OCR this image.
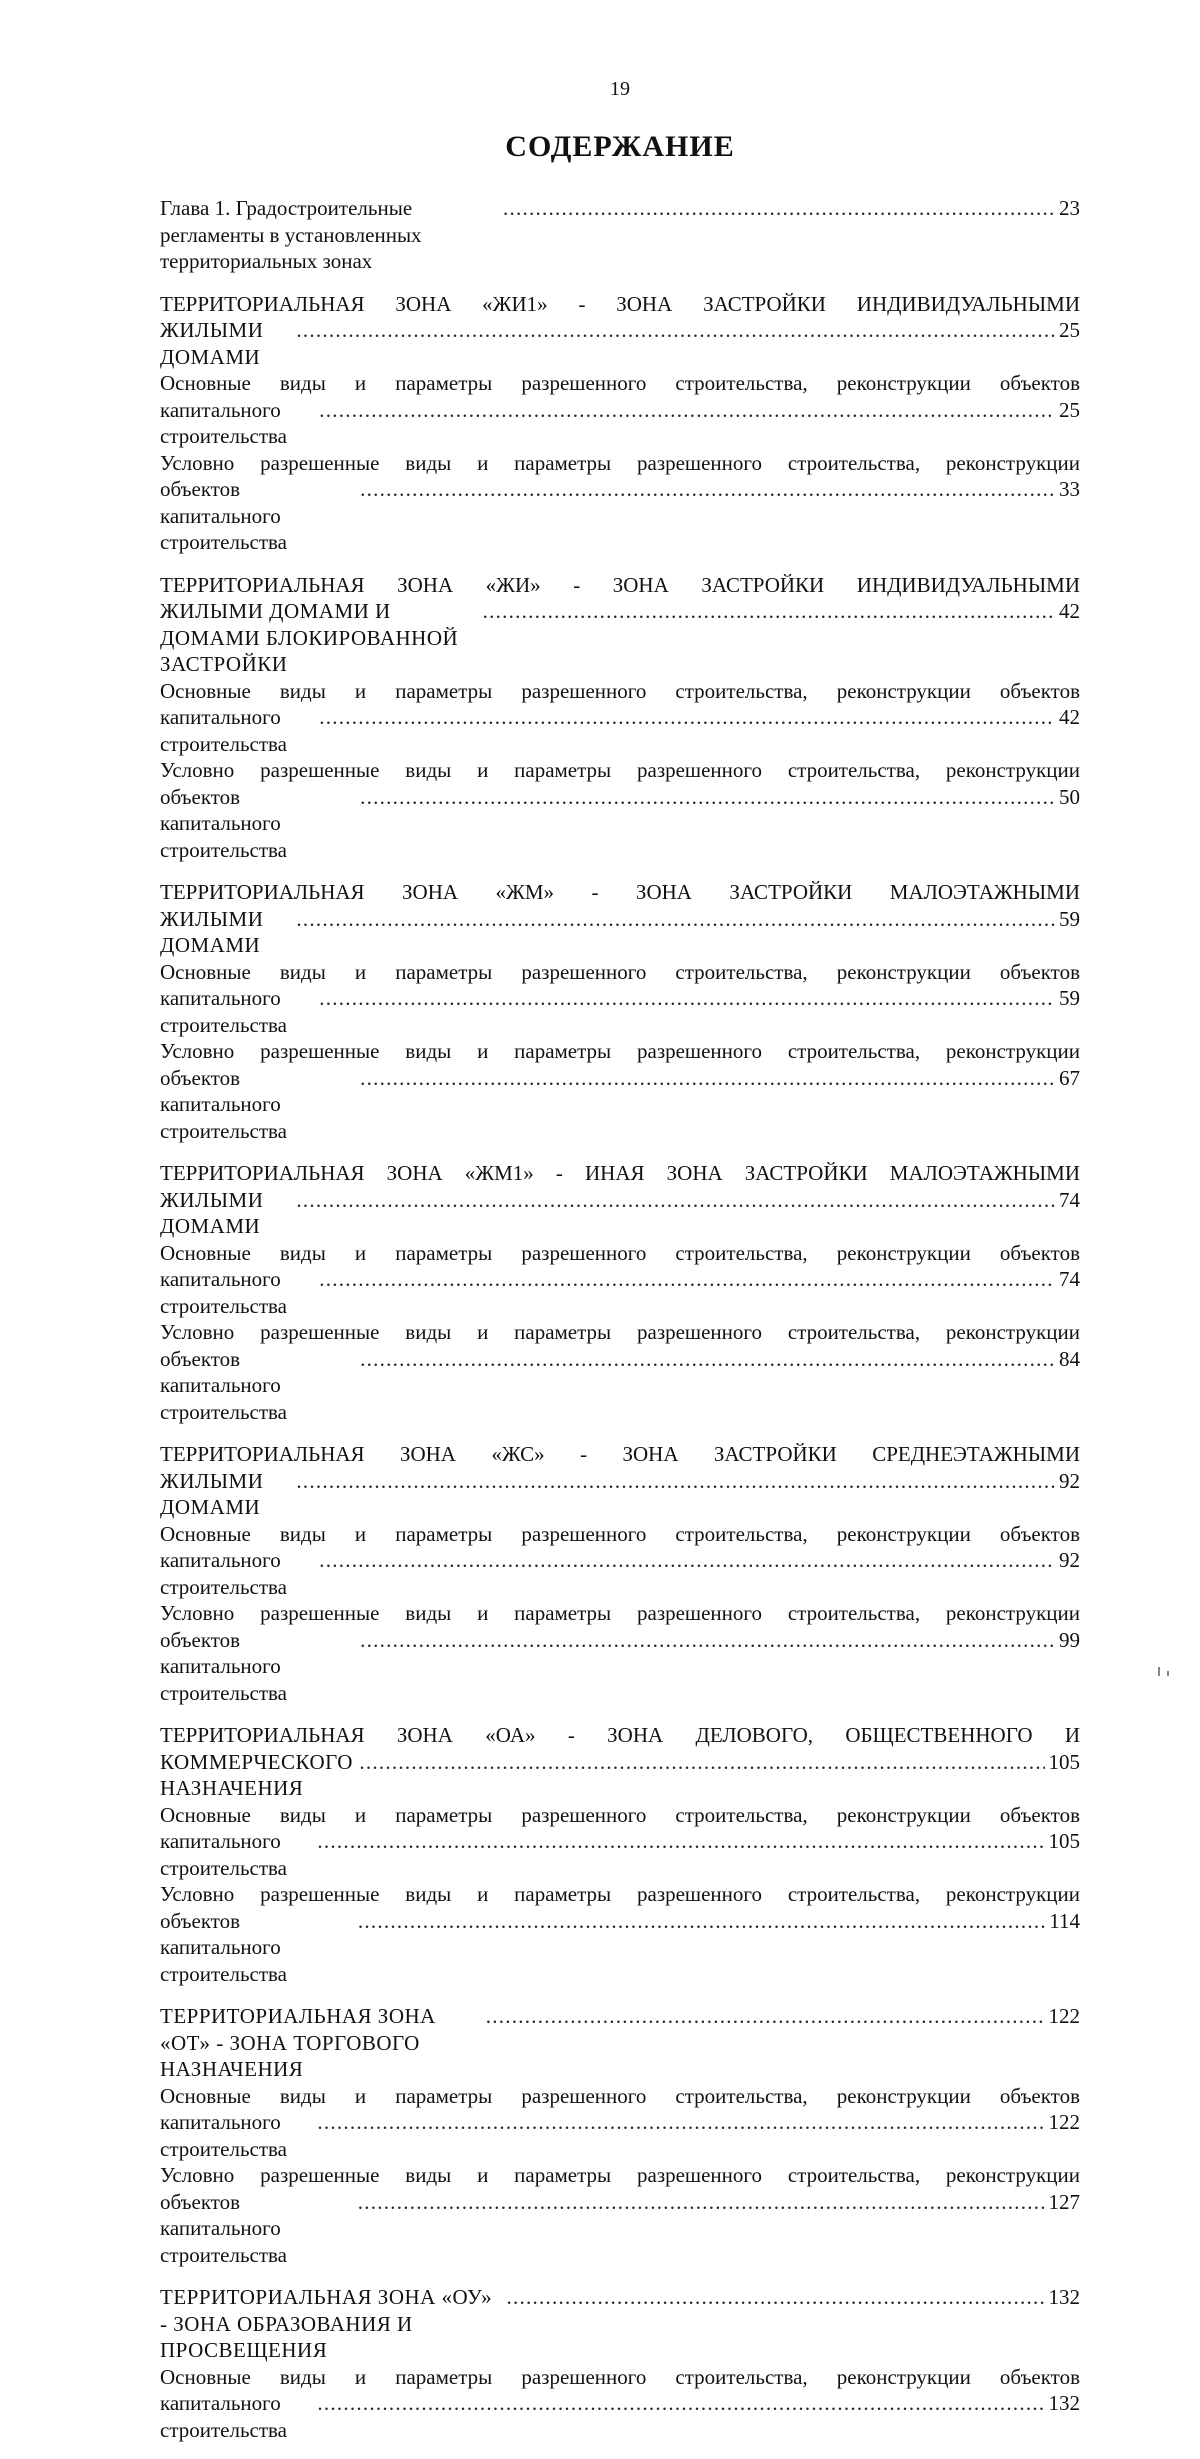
19
СОДЕРЖАНИЕ
Глава 1. Градостроительные регламенты в установленных территориальных зонах
. . .
23
ТЕРРИТОРИАЛЬНАЯ ЗОНА «ЖИ1» - ЗОНА ЗАСТРОЙКИ ИНДИВИДУАЛЬНЫМИ
ЖИЛЫМИ ДОМАМИ
. . .
25
Основные виды и параметры разрешенного строительства, реконструкции объектов
капитального строительства
. . .
25
Условно разрешенные виды и параметры разрешенного строительства, реконструкции
объектов капитального строительства
. . .
33
ТЕРРИТОРИАЛЬНАЯ ЗОНА «ЖИ» - ЗОНА ЗАСТРОЙКИ ИНДИВИДУАЛЬНЫМИ
ЖИЛЫМИ ДОМАМИ И ДОМАМИ БЛОКИРОВАННОЙ ЗАСТРОЙКИ
. . .
42
Основные виды и параметры разрешенного строительства, реконструкции объектов
капитального строительства
. . .
42
Условно разрешенные виды и параметры разрешенного строительства, реконструкции
объектов капитального строительства
. . .
50
ТЕРРИТОРИАЛЬНАЯ ЗОНА «ЖМ» - ЗОНА ЗАСТРОЙКИ МАЛОЭТАЖНЫМИ
ЖИЛЫМИ ДОМАМИ
. . .
59
Основные виды и параметры разрешенного строительства, реконструкции объектов
капитального строительства
. . .
59
Условно разрешенные виды и параметры разрешенного строительства, реконструкции
объектов капитального строительства
. . .
67
ТЕРРИТОРИАЛЬНАЯ ЗОНА «ЖМ1» - ИНАЯ ЗОНА ЗАСТРОЙКИ МАЛОЭТАЖНЫМИ
ЖИЛЫМИ ДОМАМИ
. . .
74
Основные виды и параметры разрешенного строительства, реконструкции объектов
капитального строительства
. . .
74
Условно разрешенные виды и параметры разрешенного строительства, реконструкции
объектов капитального строительства
. . .
84
ТЕРРИТОРИАЛЬНАЯ ЗОНА «ЖС» - ЗОНА ЗАСТРОЙКИ СРЕДНЕЭТАЖНЫМИ
ЖИЛЫМИ ДОМАМИ
. . .
92
Основные виды и параметры разрешенного строительства, реконструкции объектов
капитального строительства
. . .
92
Условно разрешенные виды и параметры разрешенного строительства, реконструкции
объектов капитального строительства
. . .
99
ТЕРРИТОРИАЛЬНАЯ ЗОНА «ОА» - ЗОНА ДЕЛОВОГО, ОБЩЕСТВЕННОГО И
КОММЕРЧЕСКОГО НАЗНАЧЕНИЯ
. . .
105
Основные виды и параметры разрешенного строительства, реконструкции объектов
капитального строительства
. . .
105
Условно разрешенные виды и параметры разрешенного строительства, реконструкции
объектов капитального строительства
. . .
114
ТЕРРИТОРИАЛЬНАЯ ЗОНА «ОТ» - ЗОНА ТОРГОВОГО НАЗНАЧЕНИЯ
. . .
122
Основные виды и параметры разрешенного строительства, реконструкции объектов
капитального строительства
. . .
122
Условно разрешенные виды и параметры разрешенного строительства, реконструкции
объектов капитального строительства
. . .
127
ТЕРРИТОРИАЛЬНАЯ ЗОНА «ОУ» - ЗОНА ОБРАЗОВАНИЯ И ПРОСВЕЩЕНИЯ
. . .
132
Основные виды и параметры разрешенного строительства, реконструкции объектов
капитального строительства
. . .
132
